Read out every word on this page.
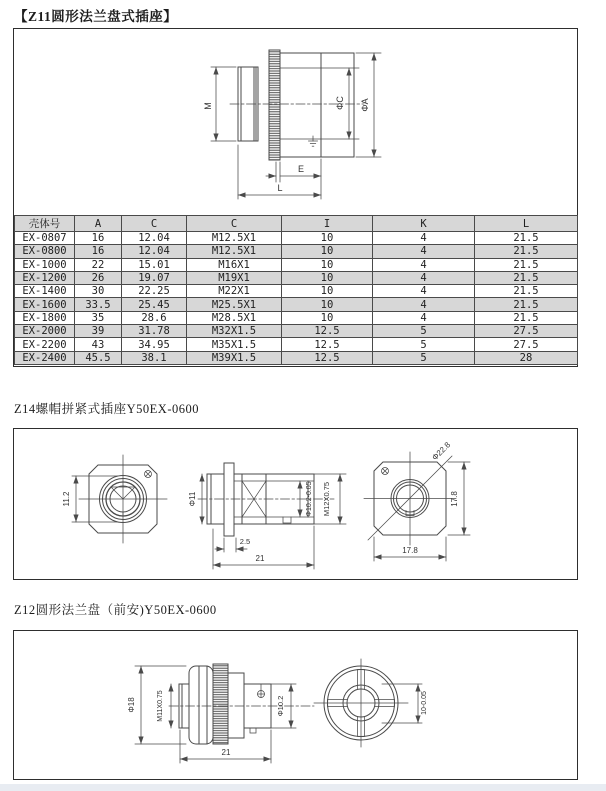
【Z11圆形法兰盘式插座】
M	ΦC ΦA
E
L
壳体号	A	C	C	I	K	L
EX-0807	16	12.04	M12.5X1	10	4	21.5
EX-0800	16	12.04	M12.5X1	10	4	21.5
EX-1000	22	15.01	M16X1	10	4	21.5
EX-1200	26	19.07	M19X1	10	4	21.5
EX-1400	30	22.25	M22X1	10	4	21.5
EX-1600	33.5	25.45	M25.5X1	10	4	21.5
EX-1800	35	28.6	M28.5X1	10	4	21.5
EX-2000	39	31.78	M32X1.5	12.5	5	27.5
EX-2200	43	34.95	M35X1.5	12.5	5	27.5
EX-2400	45.5	38.1	M39X1.5	12.5	5	28
Z14螺帽拼紧式插座Y50EX-0600
11.2	Φ11
2.5
21
Φ10.2-0.05 M12X0.75
Φ22.8
17.8
17.8
Z12圆形法兰盘（前安)Y50EX-0600
Φ18	M11X0.75	Φ10.2
21
10-0.05
